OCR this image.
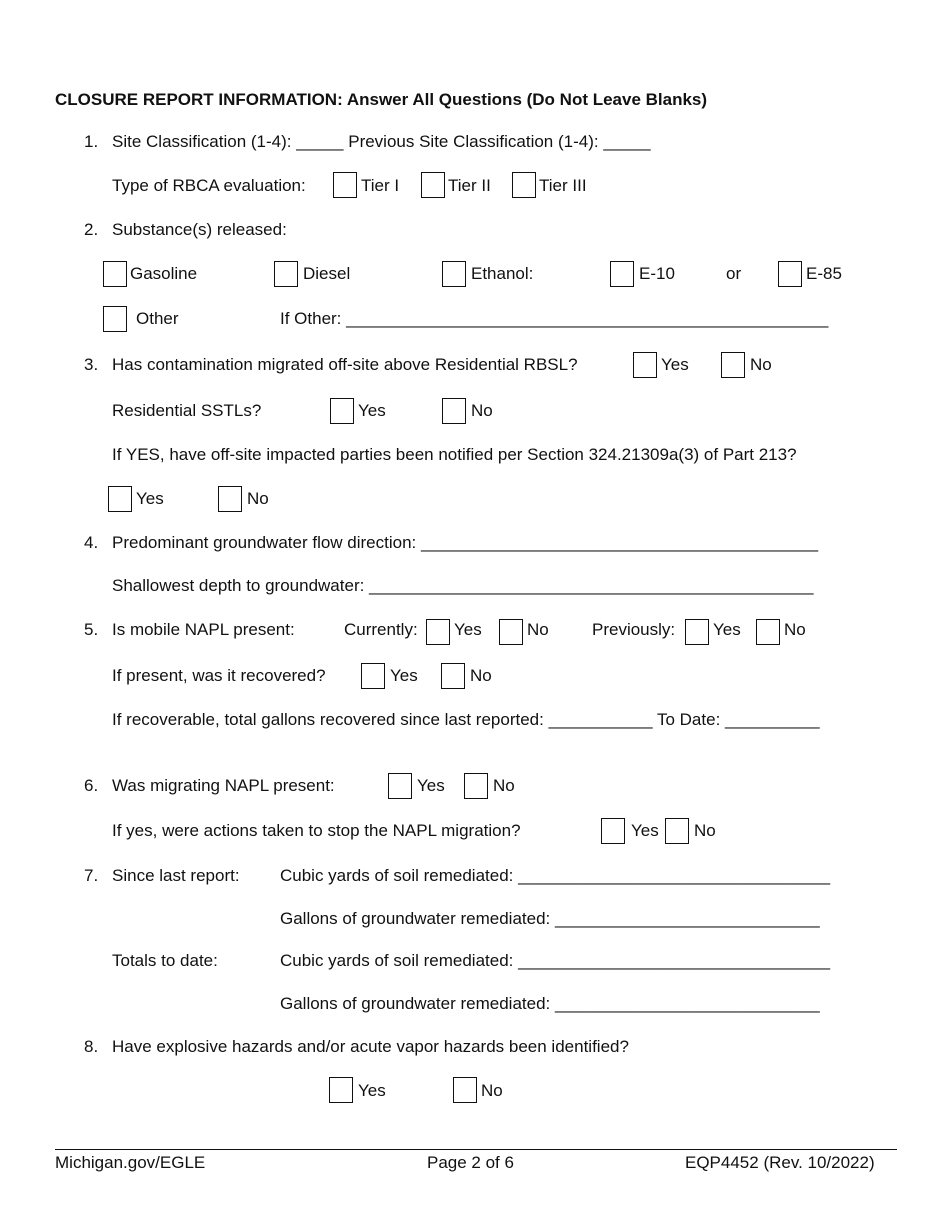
CLOSURE REPORT INFORMATION: Answer All Questions (Do Not Leave Blanks)
1. Site Classification (1-4): _____ Previous Site Classification (1-4): _____
Type of RBCA evaluation:	Tier I	Tier II	Tier III
2. Substance(s) released:
Gasoline	Diesel	Ethanol:	E-10	or	E-85
Other	If Other: ___________________________________________________
3. Has contamination migrated off-site above Residential RBSL?	Yes	No
Residential SSTLs?	Yes	No
If YES, have off-site impacted parties been notified per Section 324.21309a(3) of Part 213?
Yes	No
4. Predominant groundwater flow direction: __________________________________________
Shallowest depth to groundwater: _______________________________________________
5. Is mobile NAPL present:	Currently: Yes	No	Previously: Yes	No
If present, was it recovered?	Yes	No
If recoverable, total gallons recovered since last reported: ___________ To Date: __________
6. Was migrating NAPL present:	Yes	No
If yes, were actions taken to stop the NAPL migration?	Yes No
7. Since last report: Cubic yards of soil remediated: _________________________________
Gallons of groundwater remediated: ____________________________
Totals to date:	Cubic yards of soil remediated: _________________________________
Gallons of groundwater remediated: ____________________________
8. Have explosive hazards and/or acute vapor hazards been identified?
Yes	No
Michigan.gov/EGLE	Page 2 of 6	EQP4452 (Rev. 10/2022)
